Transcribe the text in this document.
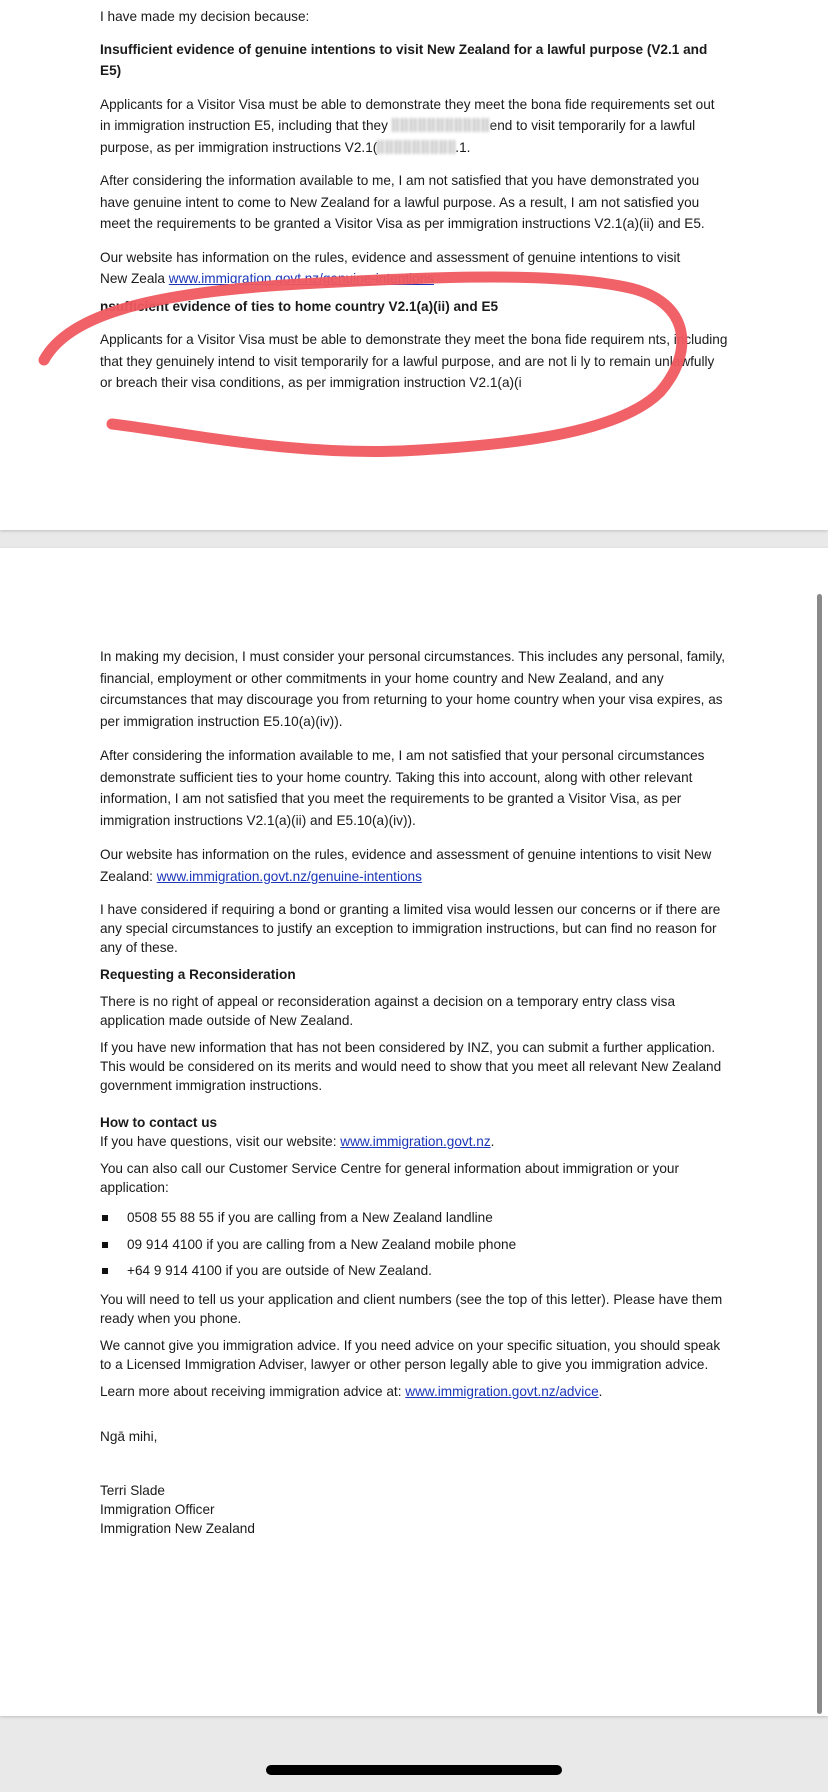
I have made my decision because:

Insufficient evidence of genuine intentions to visit New Zealand for a lawful purpose (V2.1 and E5)

Applicants for a Visitor Visa must be able to demonstrate they meet the bona fide requirements set out in immigration instruction E5, including that they	end to visit temporarily for a lawful purpose, as per immigration instructions V2.1(	.1.

After considering the information available to me, I am not satisfied that you have demonstrated you have genuine intent to come to New Zealand for a lawful purpose. As a result, I am not satisfied you meet the requirements to be granted a Visitor Visa as per immigration instructions V2.1(a)(ii) and E5.

Our website has information on the rules, evidence and assessment of genuine intentions to visit
New Zeala www.immigration.govt.nz/genuine-intentions

nsufficient evidence of ties to home country V2.1(a)(ii) and E5

Applicants for a Visitor Visa must be able to demonstrate they meet the bona fide requirem nts, including that they genuinely intend to visit temporarily for a lawful purpose, and are not li ly to remain unlawfully or breach their visa conditions, as per immigration instruction V2.1(a)(i

In making my decision, I must consider your personal circumstances. This includes any personal, family, financial, employment or other commitments in your home country and New Zealand, and any circumstances that may discourage you from returning to your home country when your visa expires, as per immigration instruction E5.10(a)(iv)).

After considering the information available to me, I am not satisfied that your personal circumstances demonstrate sufficient ties to your home country. Taking this into account, along with other relevant information, I am not satisfied that you meet the requirements to be granted a Visitor Visa, as per immigration instructions V2.1(a)(ii) and E5.10(a)(iv)).

Our website has information on the rules, evidence and assessment of genuine intentions to visit New Zealand: www.immigration.govt.nz/genuine-intentions

I have considered if requiring a bond or granting a limited visa would lessen our concerns or if there are any special circumstances to justify an exception to immigration instructions, but can find no reason for any of these.

Requesting a Reconsideration

There is no right of appeal or reconsideration against a decision on a temporary entry class visa application made outside of New Zealand.

If you have new information that has not been considered by INZ, you can submit a further application. This would be considered on its merits and would need to show that you meet all relevant New Zealand government immigration instructions.

How to contact us

If you have questions, visit our website: www.immigration.govt.nz.

You can also call our Customer Service Centre for general information about immigration or your application:

0508 55 88 55 if you are calling from a New Zealand landline
09 914 4100 if you are calling from a New Zealand mobile phone
+64 9 914 4100 if you are outside of New Zealand.

You will need to tell us your application and client numbers (see the top of this letter). Please have them ready when you phone.

We cannot give you immigration advice. If you need advice on your specific situation, you should speak to a Licensed Immigration Adviser, lawyer or other person legally able to give you immigration advice.

Learn more about receiving immigration advice at: www.immigration.govt.nz/advice.

Ngā mihi,

Terri Slade

Immigration Officer

Immigration New Zealand
